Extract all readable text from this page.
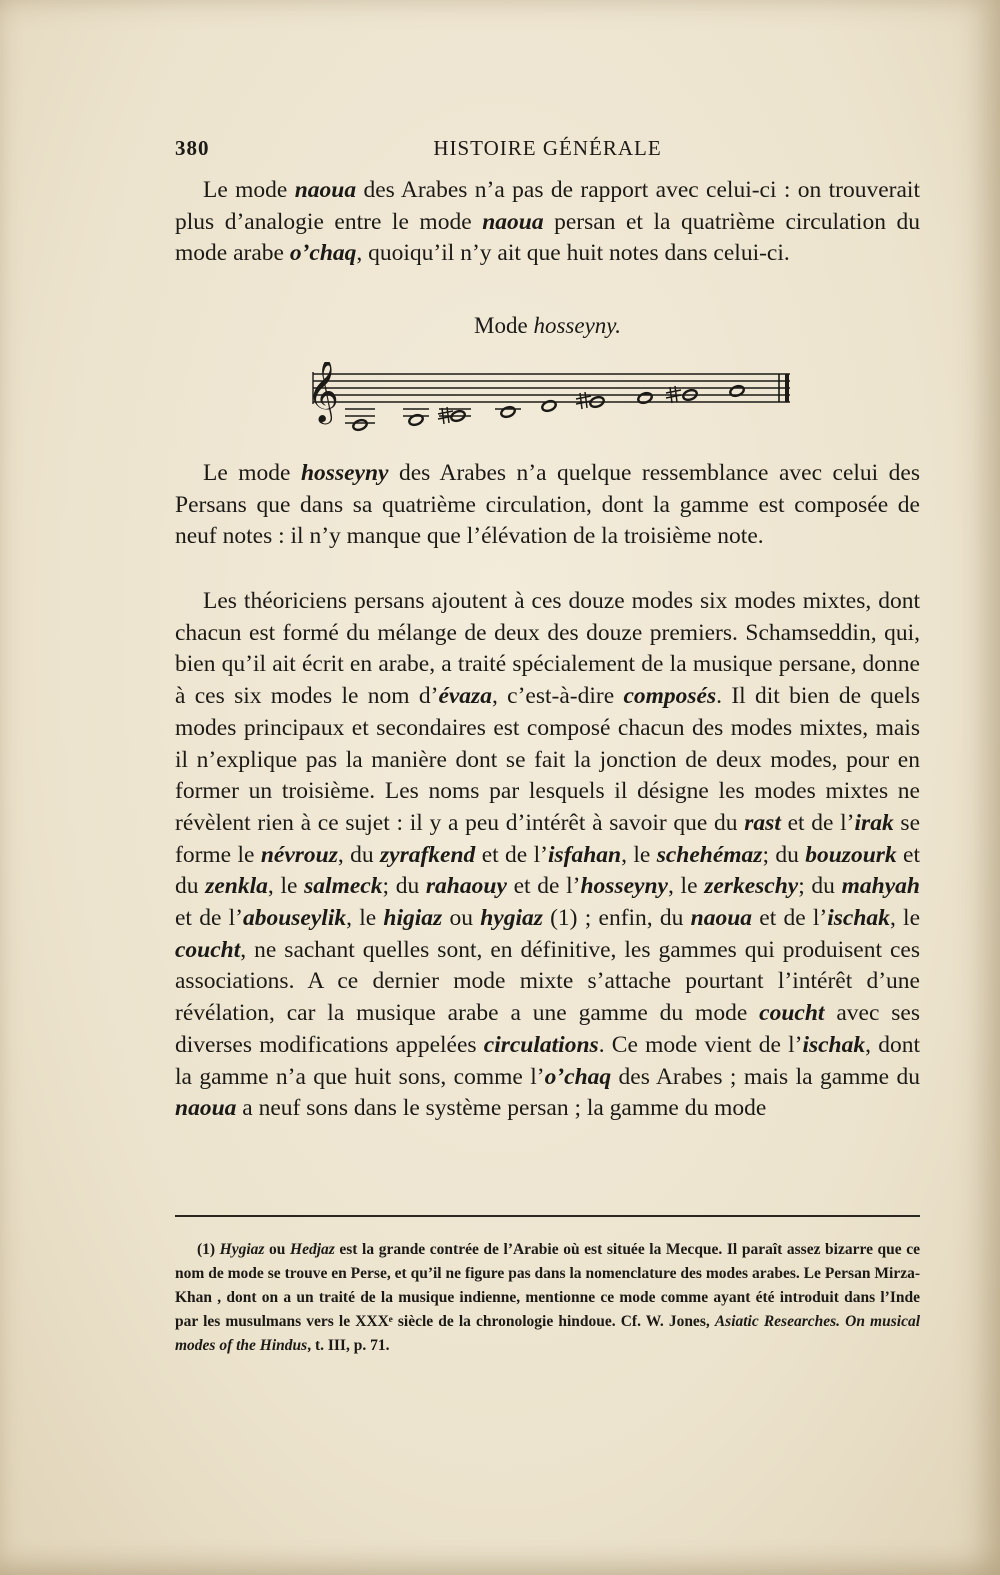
380	HISTOIRE GÉNÉRALE

Le mode naoua des Arabes n’a pas de rapport avec celui-ci : on trouverait plus d’analogie entre le mode naoua persan et la quatrième circulation du mode arabe o’chaq, quoiqu’il n’y ait que huit notes dans celui-ci.

Mode hosseyny.
𝄞

Le mode hosseyny des Arabes n’a quelque ressemblance avec celui des Persans que dans sa quatrième circulation, dont la gamme est composée de neuf notes : il n’y manque que l’élévation de la troisième note.

Les théoriciens persans ajoutent à ces douze modes six modes mixtes, dont chacun est formé du mélange de deux des douze premiers. Schamseddin, qui, bien qu’il ait écrit en arabe, a traité spécialement de la musique persane, donne à ces six modes le nom d’évaza, c’est-à-dire composés. Il dit bien de quels modes principaux et secondaires est composé chacun des modes mixtes, mais il n’explique pas la manière dont se fait la jonction de deux modes, pour en former un troisième. Les noms par lesquels il désigne les modes mixtes ne révèlent rien à ce sujet : il y a peu d’intérêt à savoir que du rast et de l’irak se forme le névrouz, du zyrafkend et de l’isfahan, le schehémaz; du bouzourk et du zenkla, le salmeck; du rahaouy et de l’hosseyny, le zerkeschy; du mahyah et de l’abouseylik, le higiaz ou hygiaz (1) ; enfin, du naoua et de l’ischak, le coucht, ne sachant quelles sont, en définitive, les gammes qui produisent ces associations. A ce dernier mode mixte s’attache pourtant l’intérêt d’une révélation, car la musique arabe a une gamme du mode coucht avec ses diverses modifications appelées circulations. Ce mode vient de l’ischak, dont la gamme n’a que huit sons, comme l’o’chaq des Arabes ; mais la gamme du naoua a neuf sons dans le système persan ; la gamme du mode

(1) Hygiaz ou Hedjaz est la grande contrée de l’Arabie où est située la Mecque. Il paraît assez bizarre que ce nom de mode se trouve en Perse, et qu’il ne figure pas dans la nomenclature des modes arabes. Le Persan Mirza-Khan , dont on a un traité de la musique indienne, mentionne ce mode comme ayant été introduit dans l’Inde par les musulmans vers le XXXᵉ siècle de la chronologie hindoue. Cf. W. Jones, Asiatic Researches. On musical modes of the Hindus, t. III, p. 71.
